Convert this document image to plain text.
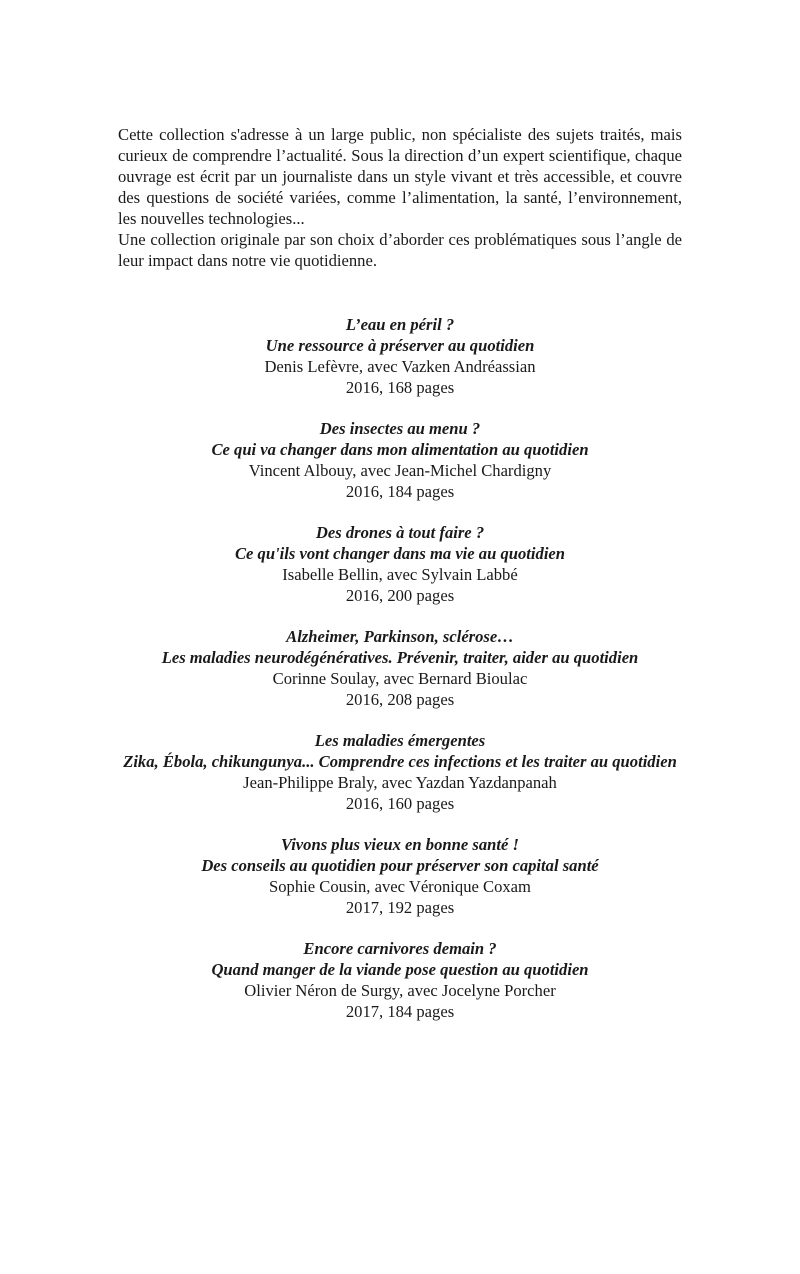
Cette collection s'adresse à un large public, non spécialiste des sujets traités, mais curieux de comprendre l’actualité. Sous la direction d’un expert scientifique, chaque ouvrage est écrit par un journaliste dans un style vivant et très accessible, et couvre des questions de société variées, comme l’alimentation, la santé, l’environnement, les nouvelles technologies...

Une collection originale par son choix d’aborder ces problématiques sous l’angle de leur impact dans notre vie quotidienne.

L’eau en péril ?
Une ressource à préserver au quotidien
Denis Lefèvre, avec Vazken Andréassian
2016, 168 pages
Des insectes au menu ?
Ce qui va changer dans mon alimentation au quotidien
Vincent Albouy, avec Jean-Michel Chardigny
2016, 184 pages
Des drones à tout faire ?
Ce qu'ils vont changer dans ma vie au quotidien
Isabelle Bellin, avec Sylvain Labbé
2016, 200 pages
Alzheimer, Parkinson, sclérose…
Les maladies neurodégénératives. Prévenir, traiter, aider au quotidien
Corinne Soulay, avec Bernard Bioulac
2016, 208 pages
Les maladies émergentes
Zika, Ébola, chikungunya... Comprendre ces infections et les traiter au quotidien
Jean-Philippe Braly, avec Yazdan Yazdanpanah
2016, 160 pages
Vivons plus vieux en bonne santé !
Des conseils au quotidien pour préserver son capital santé
Sophie Cousin, avec Véronique Coxam
2017, 192 pages
Encore carnivores demain ?
Quand manger de la viande pose question au quotidien
Olivier Néron de Surgy, avec Jocelyne Porcher
2017, 184 pages
